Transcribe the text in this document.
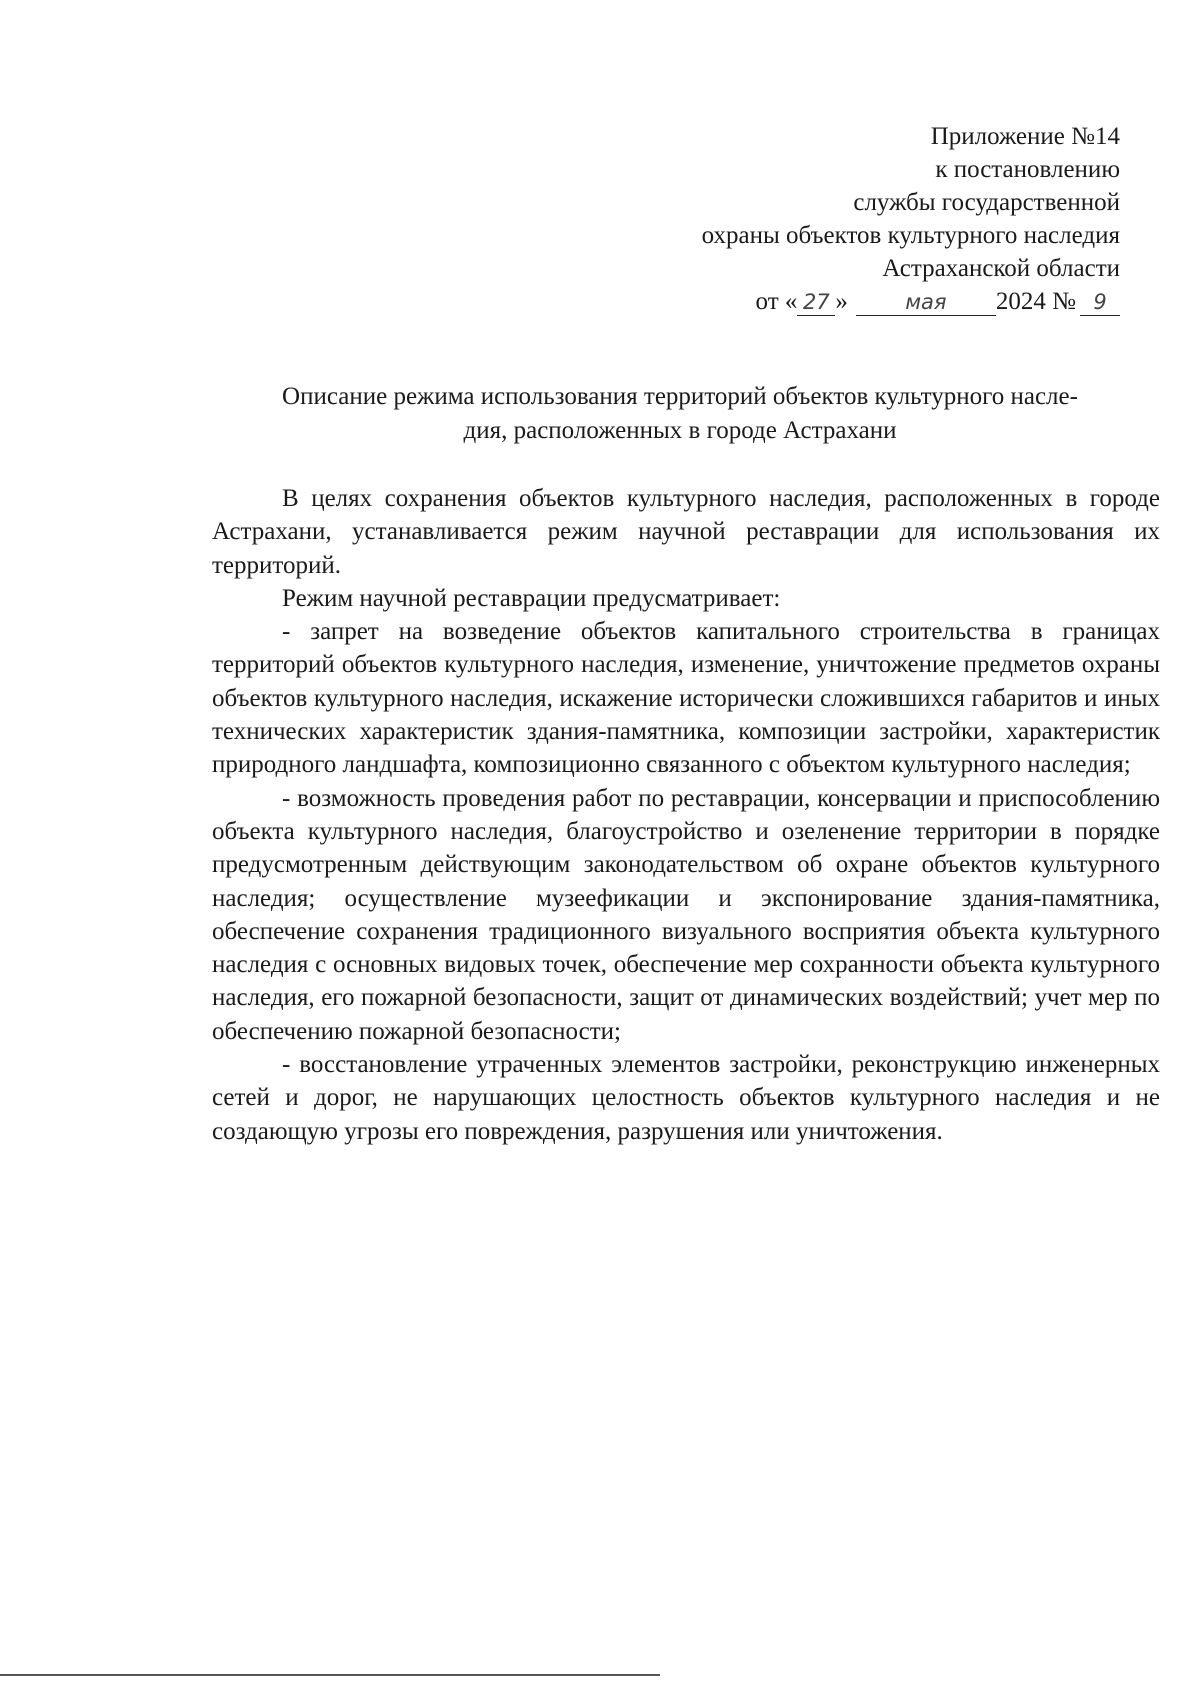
Приложение №14
к постановлению
службы государственной
охраны объектов культурного наследия
Астраханской области
от « 27 »	мая 2024 № 9
Описание режима использования территорий объектов культурного насле-
дия, расположенных в городе Астрахани

В целях сохранения объектов культурного наследия, расположенных в городе Астрахани, устанавливается режим научной реставрации для использования их территорий.

Режим научной реставрации предусматривает:

- запрет на возведение объектов капитального строительства в границах территорий объектов культурного наследия, изменение, уничтожение предметов охраны объектов культурного наследия, искажение исторически сложившихся габаритов и иных технических характеристик здания-памятника, композиции застройки, характеристик природного ландшафта, композиционно связанного с объектом культурного наследия;

- возможность проведения работ по реставрации, консервации и приспособлению объекта культурного наследия, благоустройство и озеленение территории в порядке предусмотренным действующим законодательством об охране объектов культурного наследия; осуществление музеефикации и экспонирование здания-памятника, обеспечение сохранения традиционного визуального восприятия объекта культурного наследия с основных видовых точек, обеспечение мер сохранности объекта культурного наследия, его пожарной безопасности, защит от динамических воздействий; учет мер по обеспечению пожарной безопасности;

- восстановление утраченных элементов застройки, реконструкцию инженерных сетей и дорог, не нарушающих целостность объектов культурного наследия и не создающую угрозы его повреждения, разрушения или уничтожения.
